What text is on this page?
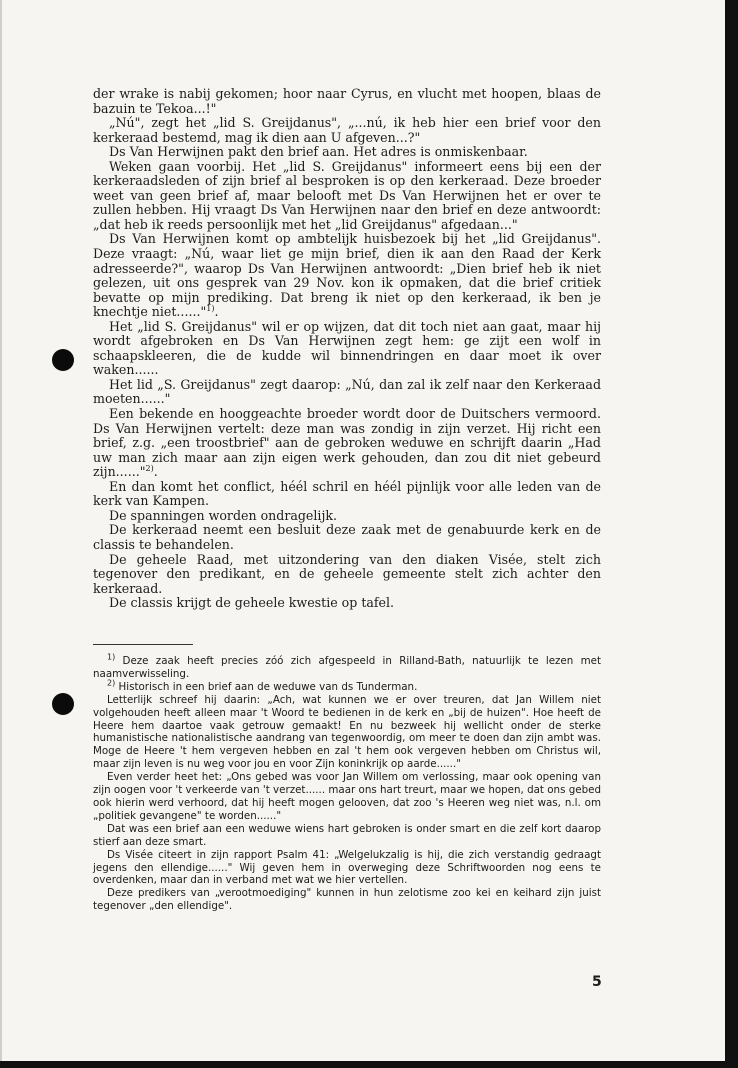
der wrake is nabij gekomen; hoor naar Cyrus, en vlucht met hoopen, blaas de bazuin te Tekoa...!"

„Nú", zegt het „lid S. Greijdanus", „...nú, ik heb hier een brief voor den kerkeraad bestemd, mag ik dien aan U afgeven...?"

Ds Van Herwijnen pakt den brief aan. Het adres is onmiskenbaar.

Weken gaan voorbij. Het „lid S. Greijdanus" informeert eens bij een der kerkeraadsleden of zijn brief al besproken is op den kerkeraad. Deze broeder weet van geen brief af, maar belooft met Ds Van Herwijnen het er over te zullen hebben. Hij vraagt Ds Van Herwijnen naar den brief en deze antwoordt: „dat heb ik reeds persoonlijk met het „lid Greijdanus" afgedaan..."

Ds Van Herwijnen komt op ambtelijk huisbezoek bij het „lid Greijdanus". Deze vraagt: „Nú, waar liet ge mijn brief, dien ik aan den Raad der Kerk adresseerde?", waarop Ds Van Herwijnen antwoordt: „Dien brief heb ik niet gelezen, uit ons gesprek van 29 Nov. kon ik opmaken, dat die brief critiek bevatte op mijn prediking. Dat breng ik niet op den kerkeraad, ik ben je knechtje niet......"$^{1)}$.

Het „lid S. Greijdanus" wil er op wijzen, dat dit toch niet aan gaat, maar hij wordt afgebroken en Ds Van Herwijnen zegt hem: ge zijt een wolf in schaapskleeren, die de kudde wil binnendringen en daar moet ik over waken......

Het lid „S. Greijdanus" zegt daarop: „Nú, dan zal ik zelf naar den Kerkeraad moeten......"

Een bekende en hooggeachte broeder wordt door de Duitschers vermoord. Ds Van Herwijnen vertelt: deze man was zondig in zijn verzet. Hij richt een brief, z.g. „een troostbrief" aan de gebroken weduwe en schrijft daarin „Had uw man zich maar aan zijn eigen werk gehouden, dan zou dit niet gebeurd zijn......"$^{2)}$.

En dan komt het conflict, héél schril en héél pijnlijk voor alle leden van de kerk van Kampen.

De spanningen worden ondragelijk.

De kerkeraad neemt een besluit deze zaak met de genabuurde kerk en de classis te behandelen.

De geheele Raad, met uitzondering van den diaken Visée, stelt zich tegenover den predikant, en de geheele gemeente stelt zich achter den kerkeraad.

De classis krijgt de geheele kwestie op tafel.

$^{1)}$ Deze zaak heeft precies zóó zich afgespeeld in Rilland-Bath, natuurlijk te lezen met naamverwisseling.

$^{2)}$ Historisch in een brief aan de weduwe van ds Tunderman.

Letterlijk schreef hij daarin: „Ach, wat kunnen we er over treuren, dat Jan Willem niet volgehouden heeft alleen maar 't Woord te bedienen in de kerk en „bij de huizen". Hoe heeft de Heere hem daartoe vaak getrouw gemaakt! En nu bezweek hij wellicht onder de sterke humanistische nationalistische aandrang van tegenwoordig, om meer te doen dan zijn ambt was. Moge de Heere 't hem vergeven hebben en zal 't hem ook vergeven hebben om Christus wil, maar zijn leven is nu weg voor jou en voor Zijn koninkrijk op aarde......"

Even verder heet het: „Ons gebed was voor Jan Willem om verlossing, maar ook opening van zijn oogen voor 't verkeerde van 't verzet...... maar ons hart treurt, maar we hopen, dat ons gebed ook hierin werd verhoord, dat hij heeft mogen gelooven, dat zoo 's Heeren weg niet was, n.l. om „politiek gevangene" te worden......"

Dat was een brief aan een weduwe wiens hart gebroken is onder smart en die zelf kort daarop stierf aan deze smart.

Ds Visée citeert in zijn rapport Psalm 41: „Welgelukzalig is hij, die zich verstandig gedraagt jegens den ellendige......" Wij geven hem in overweging deze Schriftwoorden nog eens te overdenken, maar dan in verband met wat we hier vertellen.

Deze predikers van „verootmoediging" kunnen in hun zelotisme zoo kei en keihard zijn juist tegenover „den ellendige".

5
